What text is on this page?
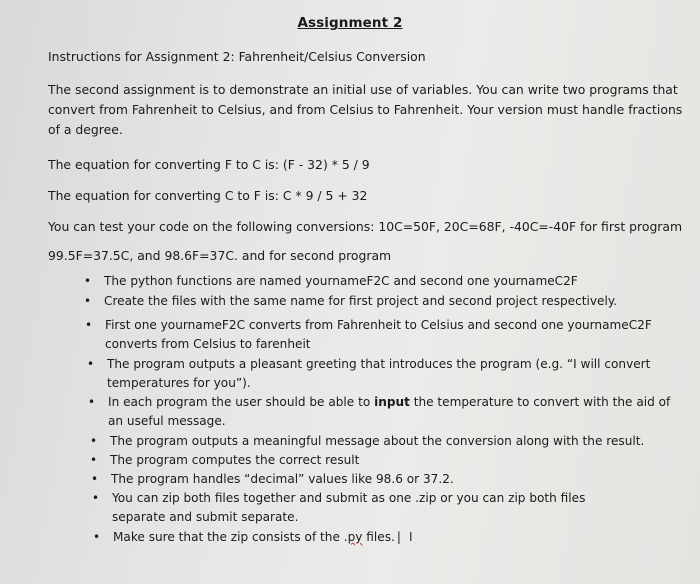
Assignment 2
Instructions for Assignment 2: Fahrenheit/Celsius Conversion
The second assignment is to demonstrate an initial use of variables. You can write two programs that convert from Fahrenheit to Celsius, and from Celsius to Fahrenheit. Your version must handle fractions of a degree.
The equation for converting F to C is: (F - 32) * 5 / 9
The equation for converting C to F is: C * 9 / 5 + 32
You can test your code on the following conversions: 10C=50F, 20C=68F, -40C=-40F for first program
99.5F=37.5C, and 98.6F=37C. and for second program
• The python functions are named yournameF2C and second one yournameC2F
• Create the files with the same name for first project and second project respectively.
• First one yournameF2C converts from Fahrenheit to Celsius and second one yournameC2F converts from Celsius to farenheit
• The program outputs a pleasant greeting that introduces the program (e.g. “I will convert temperatures for you”).
• In each program the user should be able to input the temperature to convert with the aid of an useful message.
• The program outputs a meaningful message about the conversion along with the result.
• The program computes the correct result
• The program handles “decimal” values like 98.6 or 37.2.
• You can zip both files together and submit as one .zip or you can zip both files separate and submit separate.
• Make sure that the zip consists of the .py files. | I
